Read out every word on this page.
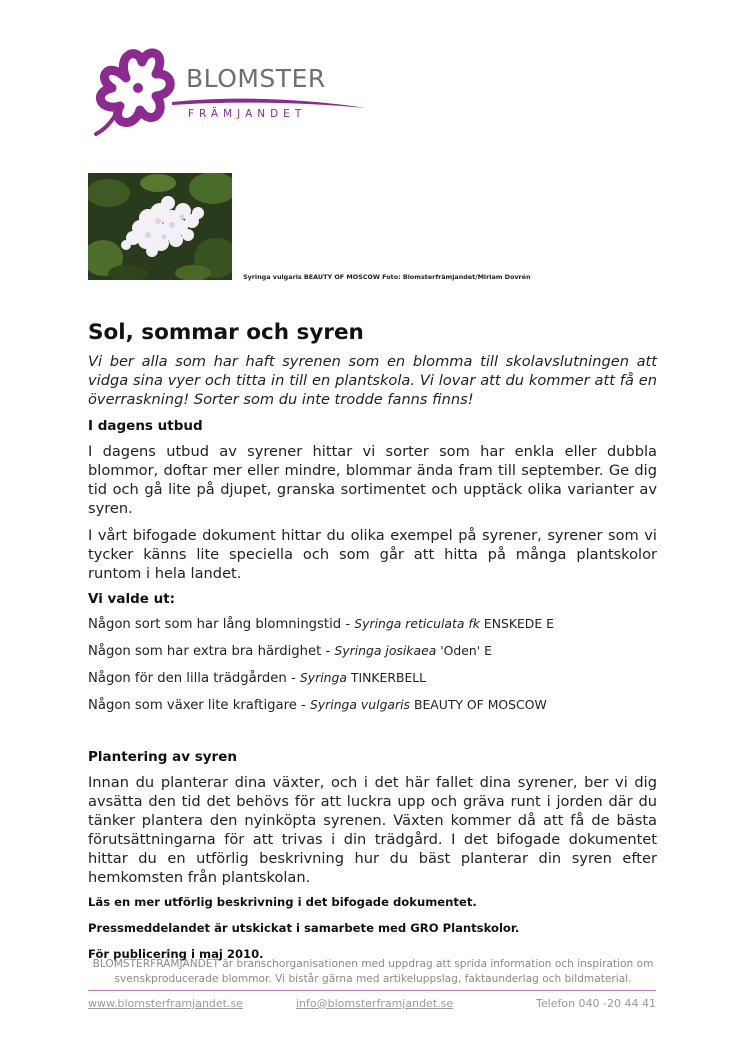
BLOMSTER
FRÄMJANDET
Syringa vulgaris BEAUTY OF MOSCOW Foto: Blomsterfrämjandet/Miriam Dovrén
Sol, sommar och syren

Vi ber alla som har haft syrenen som en blomma till skolavslutningen att vidga sina vyer och titta in till en plantskola. Vi lovar att du kommer att få en överraskning! Sorter som du inte trodde fanns finns!

I dagens utbud

I dagens utbud av syrener hittar vi sorter som har enkla eller dubbla blommor, doftar mer eller mindre, blommar ända fram till september. Ge dig tid och gå lite på djupet, granska sortimentet och upptäck olika varianter av syren.

I vårt bifogade dokument hittar du olika exempel på syrener, syrener som vi tycker känns lite speciella och som går att hitta på många plantskolor runtom i hela landet.

Vi valde ut:
Någon sort som har lång blomningstid - Syringa reticulata fk ENSKEDE E
Någon som har extra bra härdighet - Syringa josikaea 'Oden' E
Någon för den lilla trädgården - Syringa TINKERBELL
Någon som växer lite kraftigare - Syringa vulgaris BEAUTY OF MOSCOW
Plantering av syren

Innan du planterar dina växter, och i det här fallet dina syrener, ber vi dig avsätta den tid det behövs för att luckra upp och gräva runt i jorden där du tänker plantera den nyinköpta syrenen. Växten kommer då att få de bästa förutsättningarna för att trivas i din trädgård. I det bifogade dokumentet hittar du en utförlig beskrivning hur du bäst planterar din syren efter hemkomsten från plantskolan.

Läs en mer utförlig beskrivning i det bifogade dokumentet.
Pressmeddelandet är utskickat i samarbete med GRO Plantskolor.
För publicering i maj 2010.
BLOMSTERFRÄMJANDET är branschorganisationen med uppdrag att sprida information och inspiration om svenskproducerade blommor. Vi bistår gärna med artikeluppslag, faktaunderlag och bildmaterial.
www.blomsterframjandet.se	info@blomsterframjandet.se	Telefon 040 -20 44 41
